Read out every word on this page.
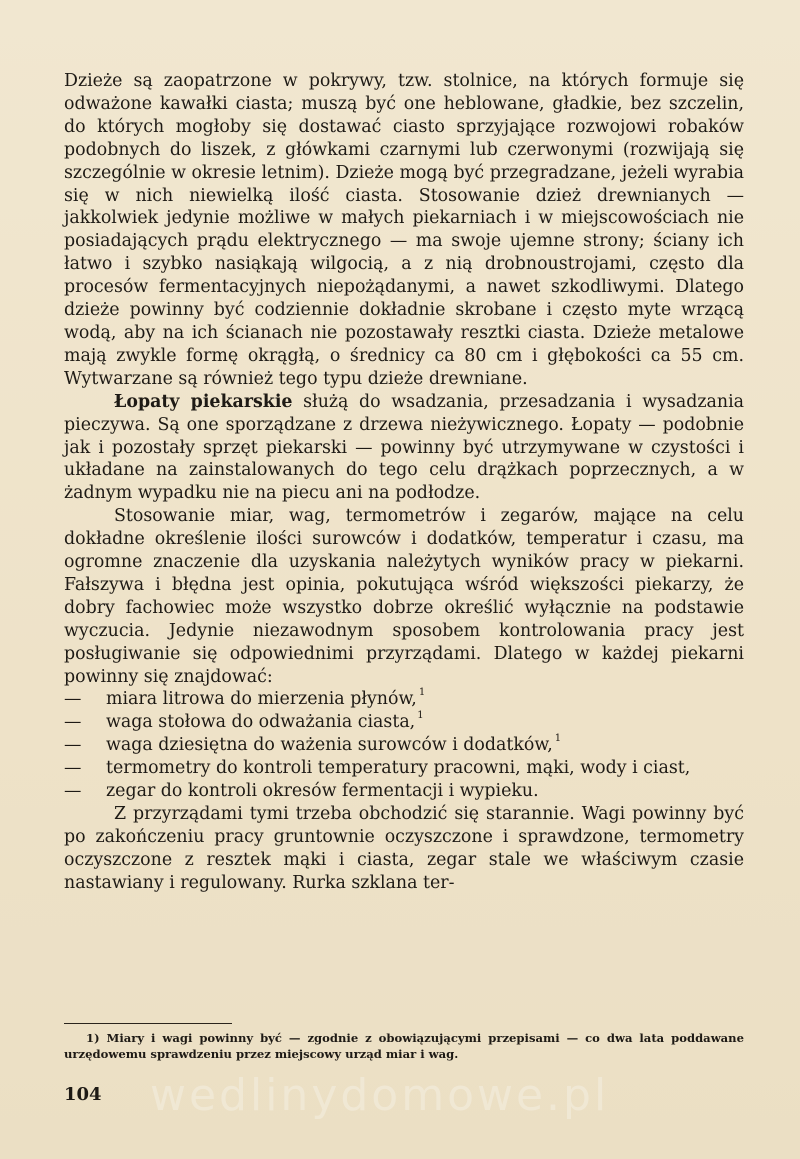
Dzieże są zaopatrzone w pokrywy, tzw. stolnice, na których formuje się odważone kawałki ciasta; muszą być one heblowane, gładkie, bez szczelin, do których mogłoby się dostawać ciasto sprzyjające rozwojowi robaków podobnych do liszek, z główkami czarnymi lub czerwonymi (rozwijają się szczególnie w okresie letnim). Dzieże mogą być przegradzane, jeżeli wyrabia się w nich niewielką ilość ciasta. Stosowanie dzież drewnianych — jakkolwiek jedynie możliwe w małych piekarniach i w miejscowościach nie posiadających prądu elektrycznego — ma swoje ujemne strony; ściany ich łatwo i szybko nasiąkają wilgocią, a z nią drobnoustrojami, często dla procesów fermentacyjnych niepożądanymi, a nawet szkodliwymi. Dlatego dzieże powinny być codziennie dokładnie skrobane i często myte wrzącą wodą, aby na ich ścianach nie pozostawały resztki ciasta. Dzieże metalowe mają zwykle formę okrągłą, o średnicy ca 80 cm i głębokości ca 55 cm. Wytwarzane są również tego typu dzieże drewniane.

Łopaty piekarskie służą do wsadzania, przesadzania i wysadzania pieczywa. Są one sporządzane z drzewa nieżywicznego. Łopaty — podobnie jak i pozostały sprzęt piekarski — powinny być utrzymywane w czystości i układane na zainstalowanych do tego celu drążkach poprzecznych, a w żadnym wypadku nie na piecu ani na podłodze.

Stosowanie miar, wag, termometrów i zegarów, mające na celu dokładne określenie ilości surowców i dodatków, temperatur i czasu, ma ogromne znaczenie dla uzyskania należytych wyników pracy w piekarni. Fałszywa i błędna jest opinia, pokutująca wśród większości piekarzy, że dobry fachowiec może wszystko dobrze określić wyłącznie na podstawie wyczucia. Jedynie niezawodnym sposobem kontrolowania pracy jest posługiwanie się odpowiednimi przyrządami. Dlatego w każdej piekarni powinny się znajdować:

— miara litrowa do mierzenia płynów, $^1$
— waga stołowa do odważania ciasta, $^1$
— waga dziesiętna do ważenia surowców i dodatków, $^1$
— termometry do kontroli temperatury pracowni, mąki, wody i ciast,
— zegar do kontroli okresów fermentacji i wypieku.

Z przyrządami tymi trzeba obchodzić się starannie. Wagi powinny być po zakończeniu pracy gruntownie oczyszczone i sprawdzone, termometry oczyszczone z resztek mąki i ciasta, zegar stale we właściwym czasie nastawiany i regulowany. Rurka szklana ter-

1) Miary i wagi powinny być — zgodnie z obowiązującymi przepisami — co dwa lata poddawane urzędowemu sprawdzeniu przez miejscowy urząd miar i wag.
wedlinydomowe.pl
104
